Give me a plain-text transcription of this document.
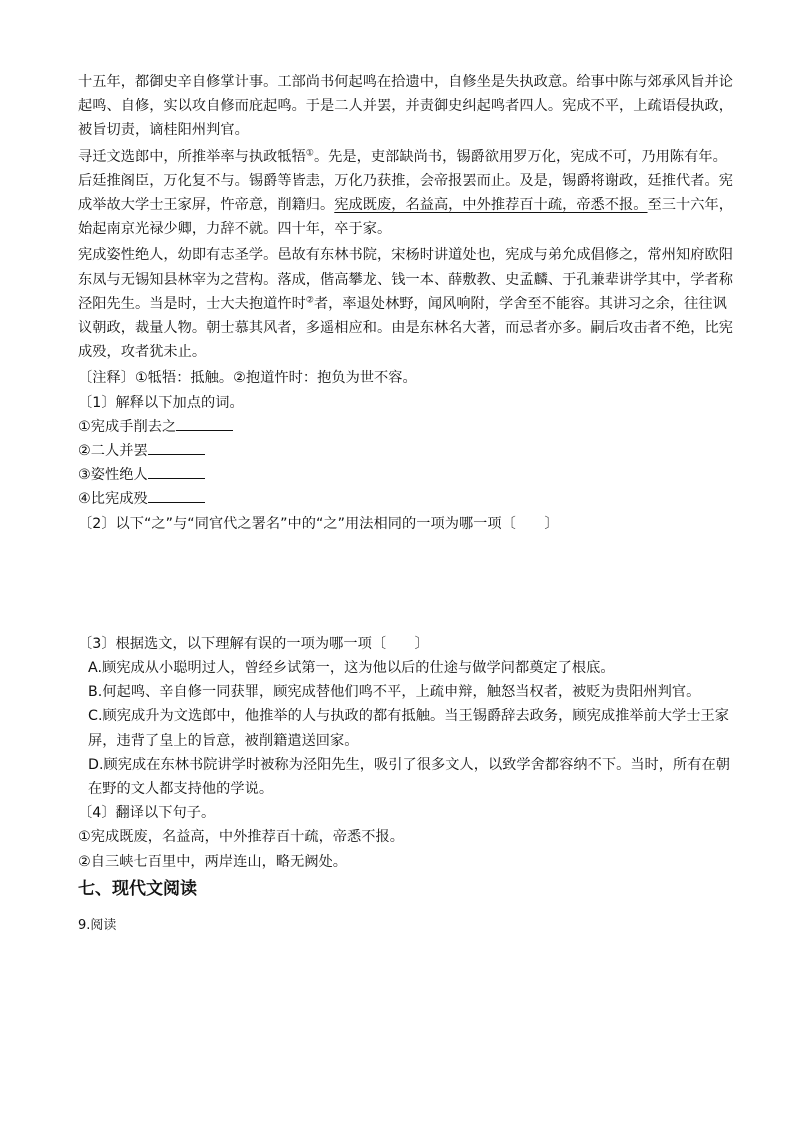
十五年，都御史辛自修掌计事。工部尚书何起鸣在拾遗中，自修坐是失执政意。给事中陈与郊承风旨并论
起鸣、自修，实以攻自修而庇起鸣。于是二人并罢，并责御史纠起鸣者四人。宪成不平，上疏语侵执政，
被旨切责，谪桂阳州判官。
寻迁文选郎中，所推举率与执政牴牾①。先是，吏部缺尚书，锡爵欲用罗万化，宪成不可，乃用陈有年。
后廷推阁臣，万化复不与。锡爵等皆恚，万化乃获推，会帝报罢而止。及是，锡爵将谢政，廷推代者。宪
成举故大学士王家屏，忤帝意，削籍归。宪成既废，名益高，中外推荐百十疏，帝悉不报。至三十六年，
始起南京光禄少卿，力辞不就。四十年，卒于家。
宪成姿性绝人，幼即有志圣学。邑故有东林书院，宋杨时讲道处也，宪成与弟允成倡修之，常州知府欧阳
东凤与无锡知县林宰为之营构。落成，偕高攀龙、钱一本、薛敷教、史孟麟、于孔兼辈讲学其中，学者称
泾阳先生。当是时，士大夫抱道忤时②者，率退处林野，闻风响附，学舍至不能容。其讲习之余，往往讽
议朝政，裁量人物。朝士慕其风者，多遥相应和。由是东林名大著，而忌者亦多。嗣后攻击者不绝，比宪
成殁，攻者犹未止。
〔注释〕①牴牾：抵触。②抱道忤时：抱负为世不容。
〔1〕解释以下加点的词。
①宪成手削去之
②二人并罢
③姿性绝人
④比宪成殁
〔2〕以下“之”与“同官代之署名”中的“之”用法相同的一项为哪一项〔　　〕
〔3〕根据选文，以下理解有误的一项为哪一项〔　　〕
A.顾宪成从小聪明过人，曾经乡试第一，这为他以后的仕途与做学问都奠定了根底。
B.何起鸣、辛自修一同获罪，顾宪成替他们鸣不平，上疏申辩，触怒当权者，被贬为贵阳州判官。
C.顾宪成升为文选郎中，他推举的人与执政的都有抵触。当王锡爵辞去政务，顾宪成推举前大学士王家
屏，违背了皇上的旨意，被削籍遣送回家。
D.顾宪成在东林书院讲学时被称为泾阳先生，吸引了很多文人，以致学舍都容纳不下。当时，所有在朝
在野的文人都支持他的学说。
〔4〕翻译以下句子。
①宪成既废，名益高，中外推荐百十疏，帝悉不报。
②自三峡七百里中，两岸连山，略无阙处。
七、现代文阅读
9.阅读
